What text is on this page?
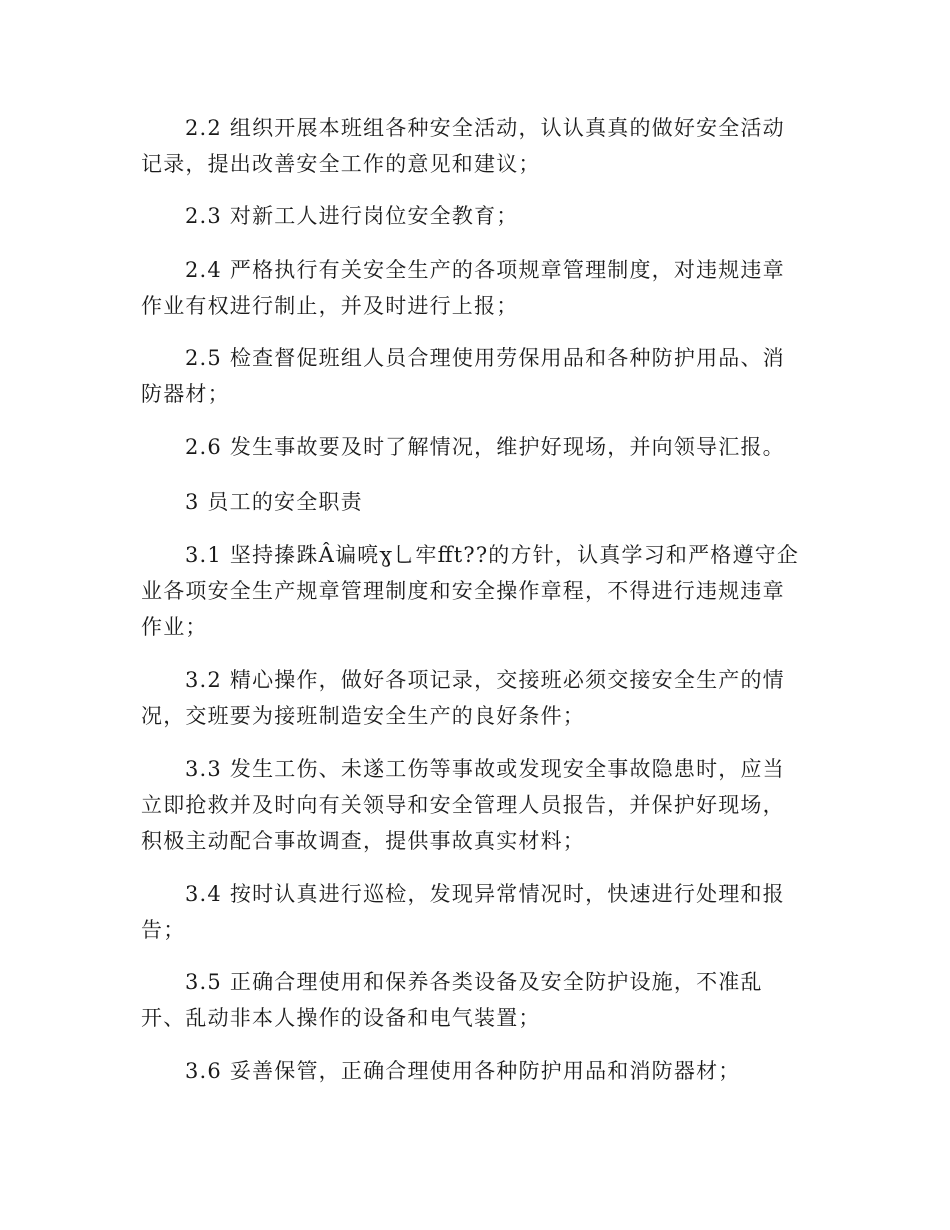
2.2 组织开展本班组各种安全活动，认认真真的做好安全活动记录，提出改善安全工作的意见和建议；

2.3 对新工人进行岗位安全教育；

2.4 严格执行有关安全生产的各项规章管理制度，对违规违章作业有权进行制止，并及时进行上报；

2.5 检查督促班组人员合理使用劳保用品和各种防护用品、消防器材；

2.6 发生事故要及时了解情况，维护好现场，并向领导汇报。

3 员工的安全职责

3.1 坚持搸跦Â谝喨ɣ乚牢ﬀt??的方针，认真学习和严格遵守企业各项安全生产规章管理制度和安全操作章程，不得进行违规违章作业；

3.2 精心操作，做好各项记录，交接班必须交接安全生产的情况，交班要为接班制造安全生产的良好条件；

3.3 发生工伤、未遂工伤等事故或发现安全事故隐患时，应当立即抢救并及时向有关领导和安全管理人员报告，并保护好现场，积极主动配合事故调查，提供事故真实材料；

3.4 按时认真进行巡检，发现异常情况时，快速进行处理和报告；

3.5 正确合理使用和保养各类设备及安全防护设施，不准乱开、乱动非本人操作的设备和电气装置；

3.6 妥善保管，正确合理使用各种防护用品和消防器材；
